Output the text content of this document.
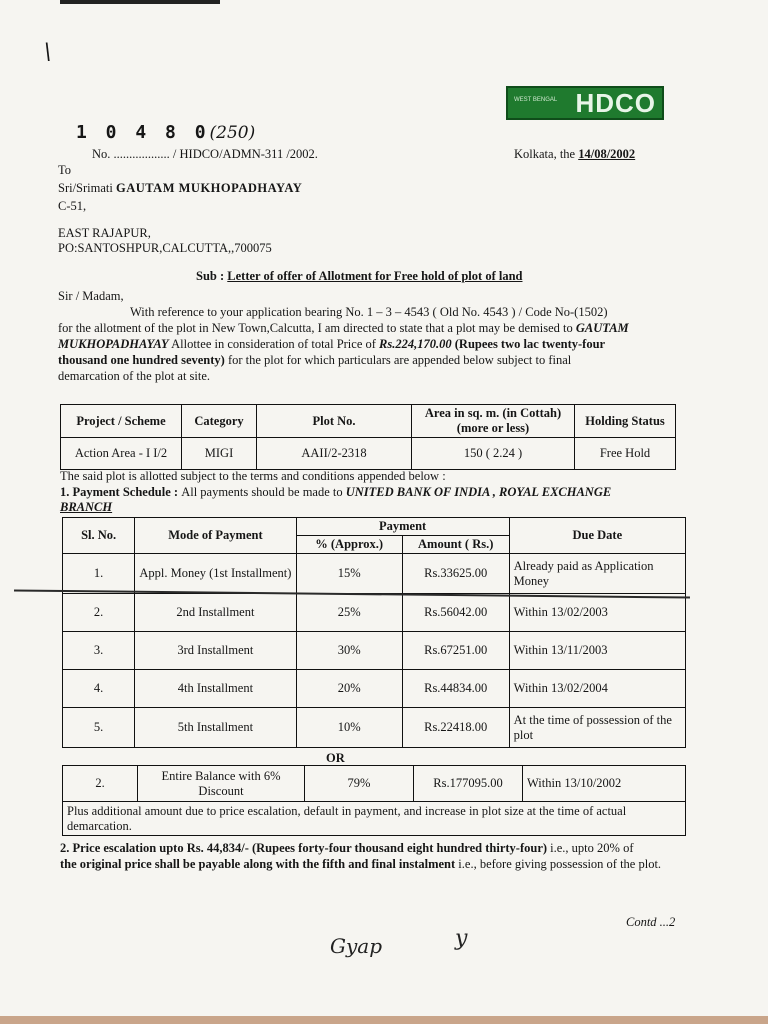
\
WEST BENGAL HDCO
1 0 4 8 0(250)
No. .................. / HIDCO/ADMN-311 /2002.	Kolkata, the 14/08/2002
To
Sri/Srimati GAUTAM MUKHOPADHAYAY
C-51,
EAST RAJAPUR,
PO:SANTOSHPUR,CALCUTTA,,700075
Sub : Letter of offer of Allotment for Free hold of plot of land
Sir / Madam,
With reference to your application bearing No. 1 – 3 – 4543 ( Old No. 4543 ) / Code No-(1502)
for the allotment of the plot in New Town,Calcutta, I am directed to state that a plot may be demised to GAUTAM
MUKHOPADHAYAY Allottee in consideration of total Price of Rs.224,170.00 (Rupees two lac twenty-four
thousand one hundred seventy) for the plot for which particulars are appended below subject to final
demarcation of the plot at site.
Project / Scheme	Category	Plot No.	Area in sq. m. (in Cottah) (more or less)	Holding Status
Action Area - I I/2	MIGI	AAII/2-2318	150 ( 2.24 )	Free Hold
The said plot is allotted subject to the terms and conditions appended below :
1. Payment Schedule : All payments should be made to UNITED BANK OF INDIA , ROYAL EXCHANGE
BRANCH
Sl. No.	Mode of Payment	Payment		Due Date
		% (Approx.)	Amount ( Rs.)	
1.	Appl. Money (1st Installment)	15%	Rs.33625.00	Already paid as Application Money
2.	2nd Installment	25%	Rs.56042.00	Within 13/02/2003
3.	3rd Installment	30%	Rs.67251.00	Within 13/11/2003
4.	4th Installment	20%	Rs.44834.00	Within 13/02/2004
5.	5th Installment	10%	Rs.22418.00	At the time of possession of the plot
OR
2.	Entire Balance with 6% Discount	79%	Rs.177095.00	Within 13/10/2002
Plus additional amount due to price escalation, default in payment, and increase in plot size at the time of actual demarcation.
2. Price escalation upto Rs. 44,834/- (Rupees forty-four thousand eight hundred thirty-four) i.e., upto 20% of
the original price shall be payable along with the fifth and final instalment i.e., before giving possession of the plot.
Contd ...2
Gyap	y
